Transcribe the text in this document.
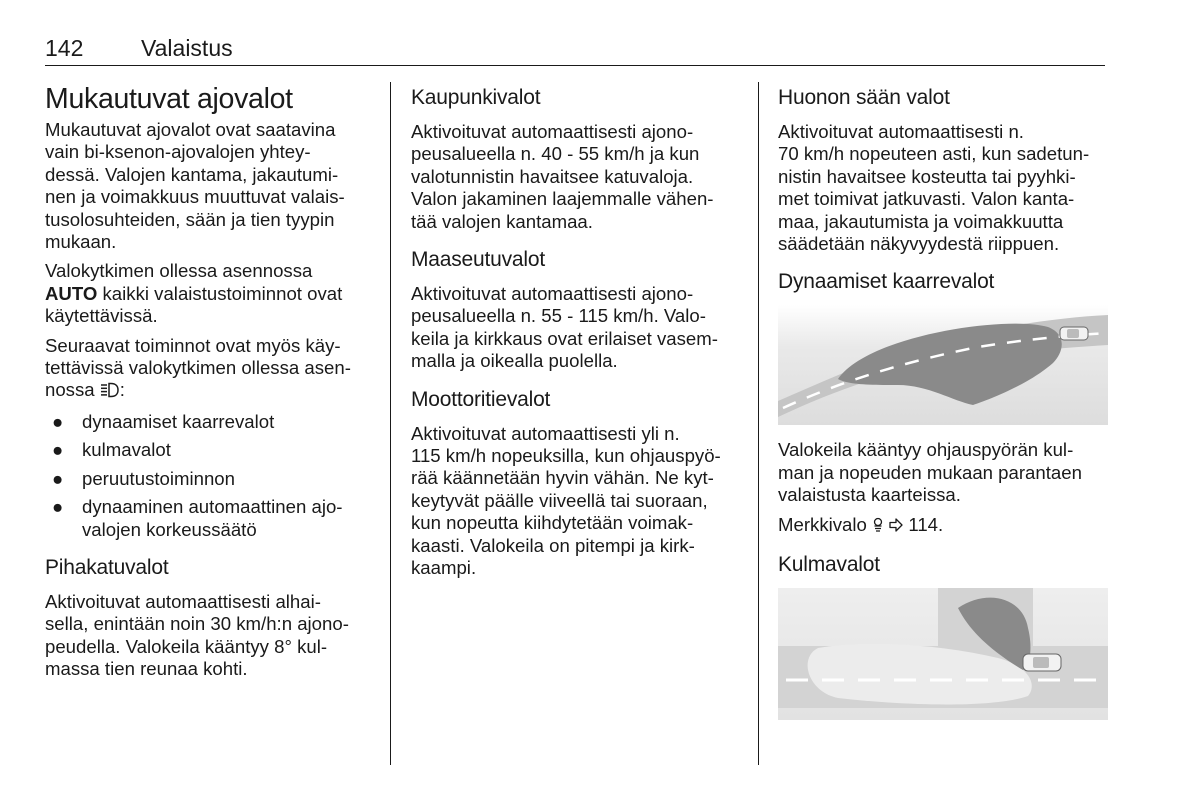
142	Valaistus
Mukautuvat ajovalot

Mukautuvat ajovalot ovat saatavina
vain bi-ksenon-ajovalojen yhtey-
dessä. Valojen kantama, jakautumi-
nen ja voimakkuus muuttuvat valais-
tusolosuhteiden, sään ja tien tyypin
mukaan.

Valokytkimen ollessa asennossa
AUTO kaikki valaistustoiminnot ovat
käytettävissä.

Seuraavat toiminnot ovat myös käy-
tettävissä valokytkimen ollessa asen-
nossa :

● dynaamiset kaarrevalot
● kulmavalot
● peruutustoiminnon
● dynaaminen automaattinen ajo-
valojen korkeussäätö
Pihakatuvalot

Aktivoituvat automaattisesti alhai-
sella, enintään noin 30 km/h:n ajono-
peudella. Valokeila kääntyy 8° kul-
massa tien reunaa kohti.

Kaupunkivalot

Aktivoituvat automaattisesti ajono-
peusalueella n. 40 - 55 km/h ja kun
valotunnistin havaitsee katuvaloja.
Valon jakaminen laajemmalle vähen-
tää valojen kantamaa.

Maaseutuvalot

Aktivoituvat automaattisesti ajono-
peusalueella n. 55 - 115 km/h. Valo-
keila ja kirkkaus ovat erilaiset vasem-
malla ja oikealla puolella.

Moottoritievalot

Aktivoituvat automaattisesti yli n.
115 km/h nopeuksilla, kun ohjauspyö-
rää käännetään hyvin vähän. Ne kyt-
keytyvät päälle viiveellä tai suoraan,
kun nopeutta kiihdytetään voimak-
kaasti. Valokeila on pitempi ja kirk-
kaampi.

Huonon sään valot

Aktivoituvat automaattisesti n.
70 km/h nopeuteen asti, kun sadetun-
nistin havaitsee kosteutta tai pyyhki-
met toimivat jatkuvasti. Valon kanta-
maa, jakautumista ja voimakkuutta
säädetään näkyvyydestä riippuen.

Dynaamiset kaarrevalot

Valokeila kääntyy ohjauspyörän kul-
man ja nopeuden mukaan parantaen
valaistusta kaarteissa.

Merkkivalo   114.

Kulmavalot
